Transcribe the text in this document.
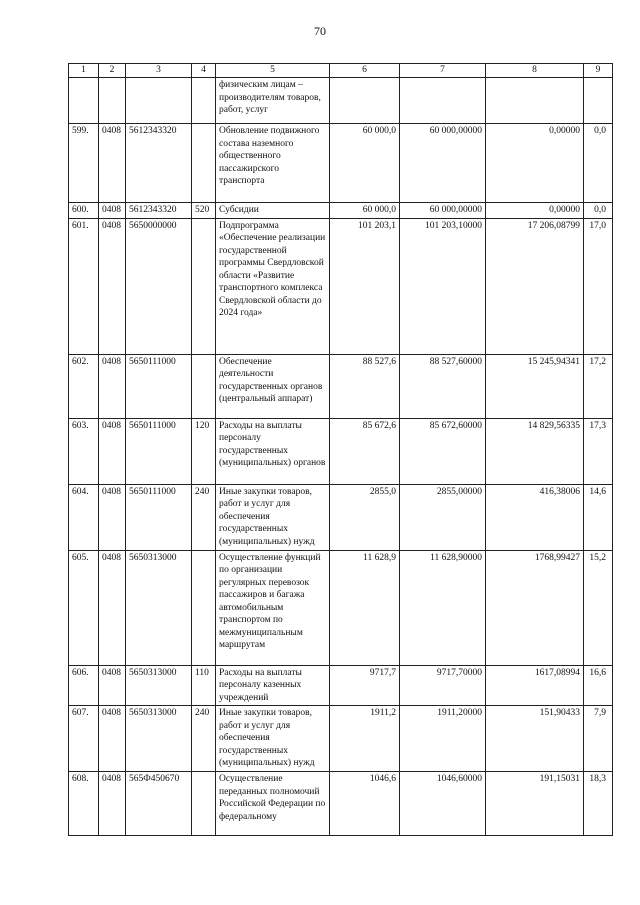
70
1	2	3	4	5	6	7	8	9
				физическим лицам – производителям товаров, работ, услуг				
599.	0408	5612343320		Обновление подвижного состава наземного общественного пассажирского транспорта	60 000,0	60 000,00000	0,00000	0,0
600.	0408	5612343320	520	Субсидии	60 000,0	60 000,00000	0,00000	0,0
601.	0408	5650000000		Подпрограмма «Обеспечение реализации государственной программы Свердловской области «Развитие транспортного комплекса Свердловской области до 2024 года»	101 203,1	101 203,10000	17 206,08799	17,0
602.	0408	5650111000		Обеспечение деятельности государственных органов (центральный аппарат)	88 527,6	88 527,60000	15 245,94341	17,2
603.	0408	5650111000	120	Расходы на выплаты персоналу государственных (муниципальных) органов	85 672,6	85 672,60000	14 829,56335	17,3
604.	0408	5650111000	240	Иные закупки товаров, работ и услуг для обеспечения государственных (муниципальных) нужд	2855,0	2855,00000	416,38006	14,6
605.	0408	5650313000		Осуществление функций по организации регулярных перевозок пассажиров и багажа автомобильным транспортом по межмуниципальным маршрутам	11 628,9	11 628,90000	1768,99427	15,2
606.	0408	5650313000	110	Расходы на выплаты персоналу казенных учреждений	9717,7	9717,70000	1617,08994	16,6
607.	0408	5650313000	240	Иные закупки товаров, работ и услуг для обеспечения государственных (муниципальных) нужд	1911,2	1911,20000	151,90433	7,9
608.	0408	565Ф450670		Осуществление переданных полномочий Российской Федерации по федеральному	1046,6	1046,60000	191,15031	18,3
